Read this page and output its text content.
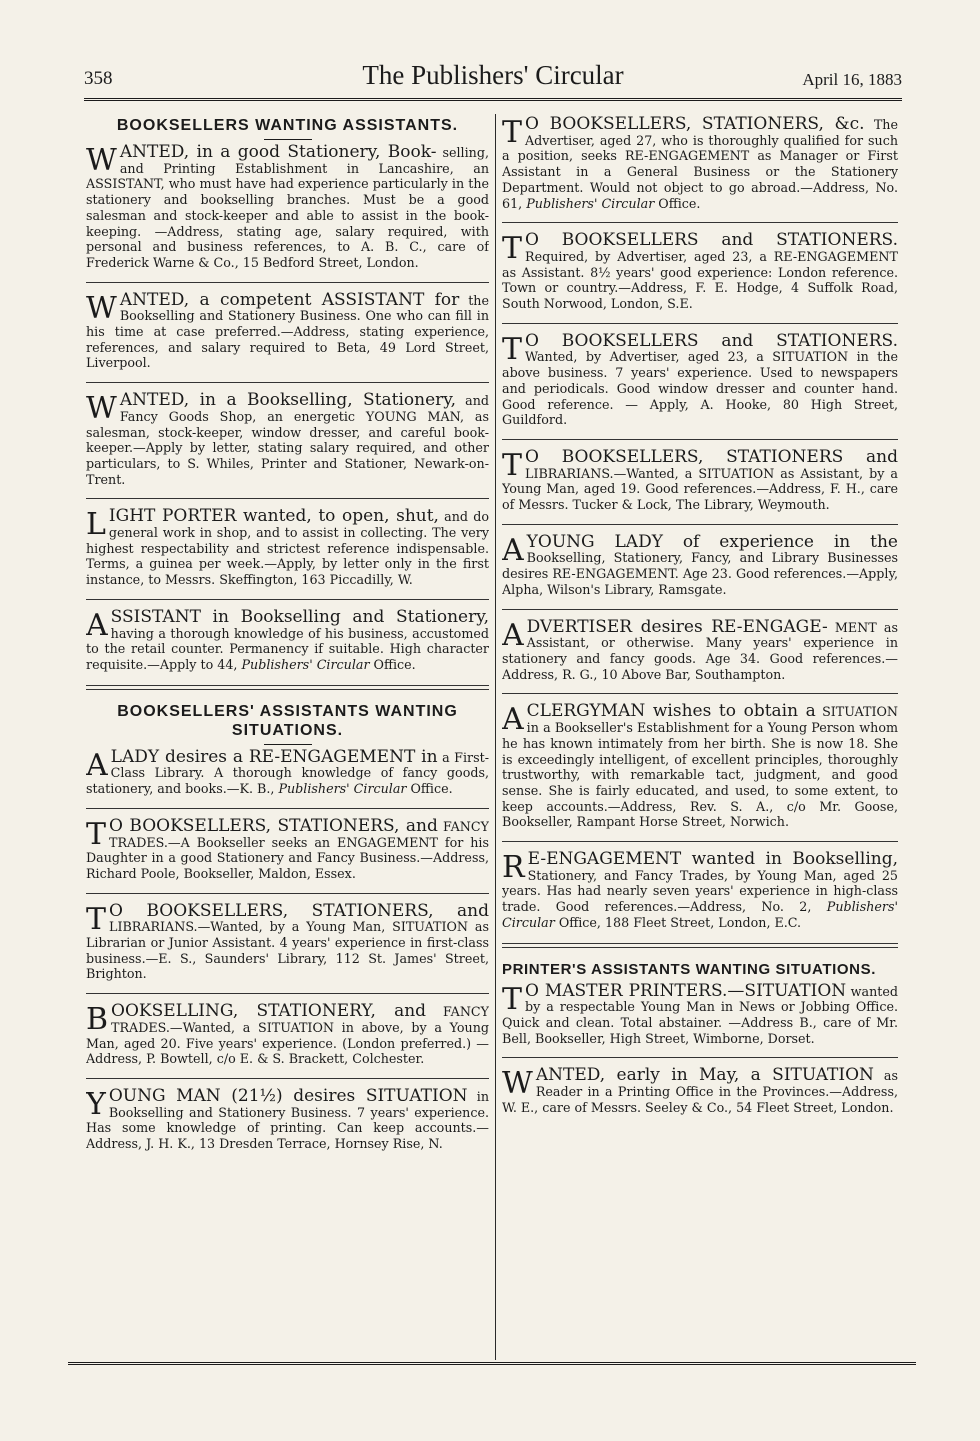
358	The Publishers' Circular	April 16, 1883
BOOKSELLERS WANTING ASSISTANTS.

WANTED, in a good Stationery, Book- selling, and Printing Establishment in Lancashire, an ASSISTANT, who must have had experience particularly in the stationery and bookselling branches. Must be a good salesman and stock-keeper and able to assist in the book-keeping. —Address, stating age, salary required, with personal and business references, to A. B. C., care of Frederick Warne & Co., 15 Bedford Street, London.

WANTED, a competent ASSISTANT for the Bookselling and Stationery Business. One who can fill in his time at case preferred.—Address, stating experience, references, and salary required to Beta, 49 Lord Street, Liverpool.

WANTED, in a Bookselling, Stationery, and Fancy Goods Shop, an energetic YOUNG MAN, as salesman, stock-keeper, window dresser, and careful book-keeper.—Apply by letter, stating salary required, and other particulars, to S. Whiles, Printer and Stationer, Newark-on-Trent.

LIGHT PORTER wanted, to open, shut, and do general work in shop, and to assist in collecting. The very highest respectability and strictest reference indispensable. Terms, a guinea per week.—Apply, by letter only in the first instance, to Messrs. Skeffington, 163 Piccadilly, W.

ASSISTANT in Bookselling and Stationery, having a thorough knowledge of his business, accustomed to the retail counter. Permanency if suitable. High character requisite.—Apply to 44, Publishers' Circular Office.

BOOKSELLERS' ASSISTANTS WANTING SITUATIONS.

A LADY desires a RE-ENGAGEMENT in a First-Class Library. A thorough knowledge of fancy goods, stationery, and books.—K. B., Publishers' Circular Office.

T O BOOKSELLERS, STATIONERS, and FANCY TRADES.—A Bookseller seeks an ENGAGEMENT for his Daughter in a good Stationery and Fancy Business.—Address, Richard Poole, Bookseller, Maldon, Essex.

T O BOOKSELLERS, STATIONERS, and LIBRARIANS.—Wanted, by a Young Man, SITUATION as Librarian or Junior Assistant. 4 years' experience in first-class business.—E. S., Saunders' Library, 112 St. James' Street, Brighton.

BOOKSELLING, STATIONERY, and FANCY TRADES.—Wanted, a SITUATION in above, by a Young Man, aged 20. Five years' experience. (London preferred.) — Address, P. Bowtell, c/o E. & S. Brackett, Colchester.

YOUNG MAN (21½) desires SITUATION in Bookselling and Stationery Business. 7 years' experience. Has some knowledge of printing. Can keep accounts.—Address, J. H. K., 13 Dresden Terrace, Hornsey Rise, N.

T O BOOKSELLERS, STATIONERS, &c. The Advertiser, aged 27, who is thoroughly qualified for such a position, seeks RE-ENGAGEMENT as Manager or First Assistant in a General Business or the Stationery Department. Would not object to go abroad.—Address, No. 61, Publishers' Circular Office.

T O BOOKSELLERS and STATIONERS. Required, by Advertiser, aged 23, a RE-ENGAGEMENT as Assistant. 8½ years' good experience: London reference. Town or country.—Address, F. E. Hodge, 4 Suffolk Road, South Norwood, London, S.E.

T O BOOKSELLERS and STATIONERS. Wanted, by Advertiser, aged 23, a SITUATION in the above business. 7 years' experience. Used to newspapers and periodicals. Good window dresser and counter hand. Good reference. — Apply, A. Hooke, 80 High Street, Guildford.

T O BOOKSELLERS, STATIONERS and LIBRARIANS.—Wanted, a SITUATION as Assistant, by a Young Man, aged 19. Good references.—Address, F. H., care of Messrs. Tucker & Lock, The Library, Weymouth.

A YOUNG LADY of experience in the Bookselling, Stationery, Fancy, and Library Businesses desires RE-ENGAGEMENT. Age 23. Good references.—Apply, Alpha, Wilson's Library, Ramsgate.

ADVERTISER desires RE-ENGAGE- MENT as Assistant, or otherwise. Many years' experience in stationery and fancy goods. Age 34. Good references.—Address, R. G., 10 Above Bar, Southampton.

A CLERGYMAN wishes to obtain a SITUATION in a Bookseller's Establishment for a Young Person whom he has known intimately from her birth. She is now 18. She is exceedingly intelligent, of excellent principles, thoroughly trustworthy, with remarkable tact, judgment, and good sense. She is fairly educated, and used, to some extent, to keep accounts.—Address, Rev. S. A., c/o Mr. Goose, Bookseller, Rampant Horse Street, Norwich.

R E-ENGAGEMENT wanted in Bookselling, Stationery, and Fancy Trades, by Young Man, aged 25 years. Has had nearly seven years' experience in high-class trade. Good references.—Address, No. 2, Publishers' Circular Office, 188 Fleet Street, London, E.C.

PRINTER'S ASSISTANTS WANTING SITUATIONS.

T O MASTER PRINTERS.—SITUATION wanted by a respectable Young Man in News or Jobbing Office. Quick and clean. Total abstainer. —Address B., care of Mr. Bell, Bookseller, High Street, Wimborne, Dorset.

WANTED, early in May, a SITUATION as Reader in a Printing Office in the Provinces.—Address, W. E., care of Messrs. Seeley & Co., 54 Fleet Street, London.
